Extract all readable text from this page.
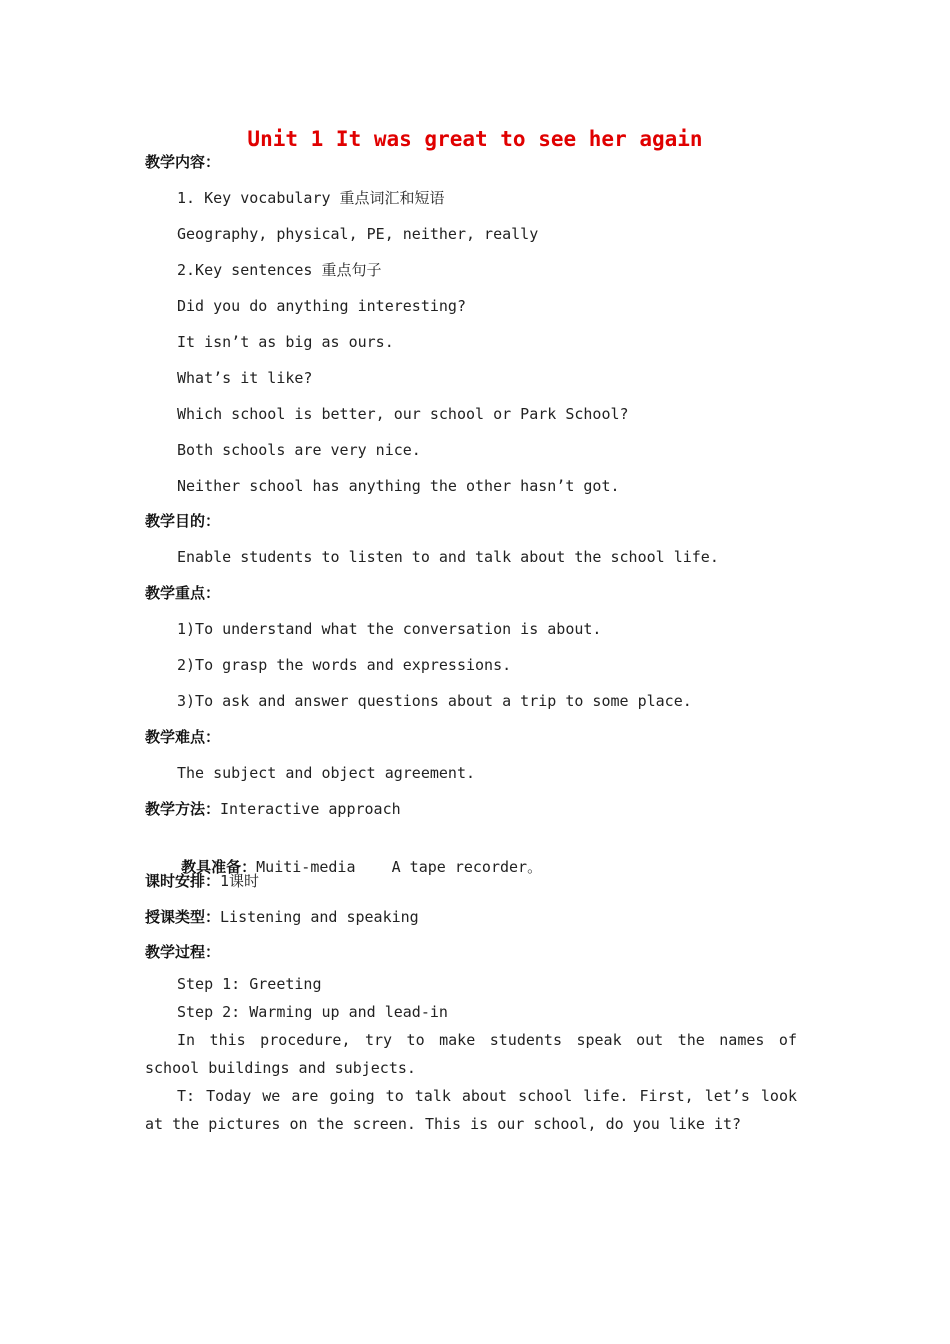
Unit 1 It was great to see her again
教学内容：
1. Key vocabulary 重点词汇和短语
Geography, physical, PE, neither, really
2.Key sentences 重点句子
Did you do anything interesting?
It isn’t as big as ours.
What’s it like?
Which school is better, our school or Park School?
Both schools are very nice.
Neither school has anything the other hasn’t got.
教学目的：
Enable students to listen to and talk about the school life.
教学重点：
1)To understand what the conversation is about.
2)To grasp the words and expressions.
3)To ask and answer questions about a trip to some place.
教学难点：
The subject and object agreement.
教学方法：Interactive approach

教具准备：Muiti-media    A tape recorder。

课时安排：1课时
授课类型：Listening and speaking
教学过程：
Step 1: Greeting
Step 2: Warming up and lead-in
In this procedure, try to make students speak out the names of school buildings and subjects.
T: Today we are going to talk about school life. First, let’s look at the pictures on the screen. This is our school, do you like it?
